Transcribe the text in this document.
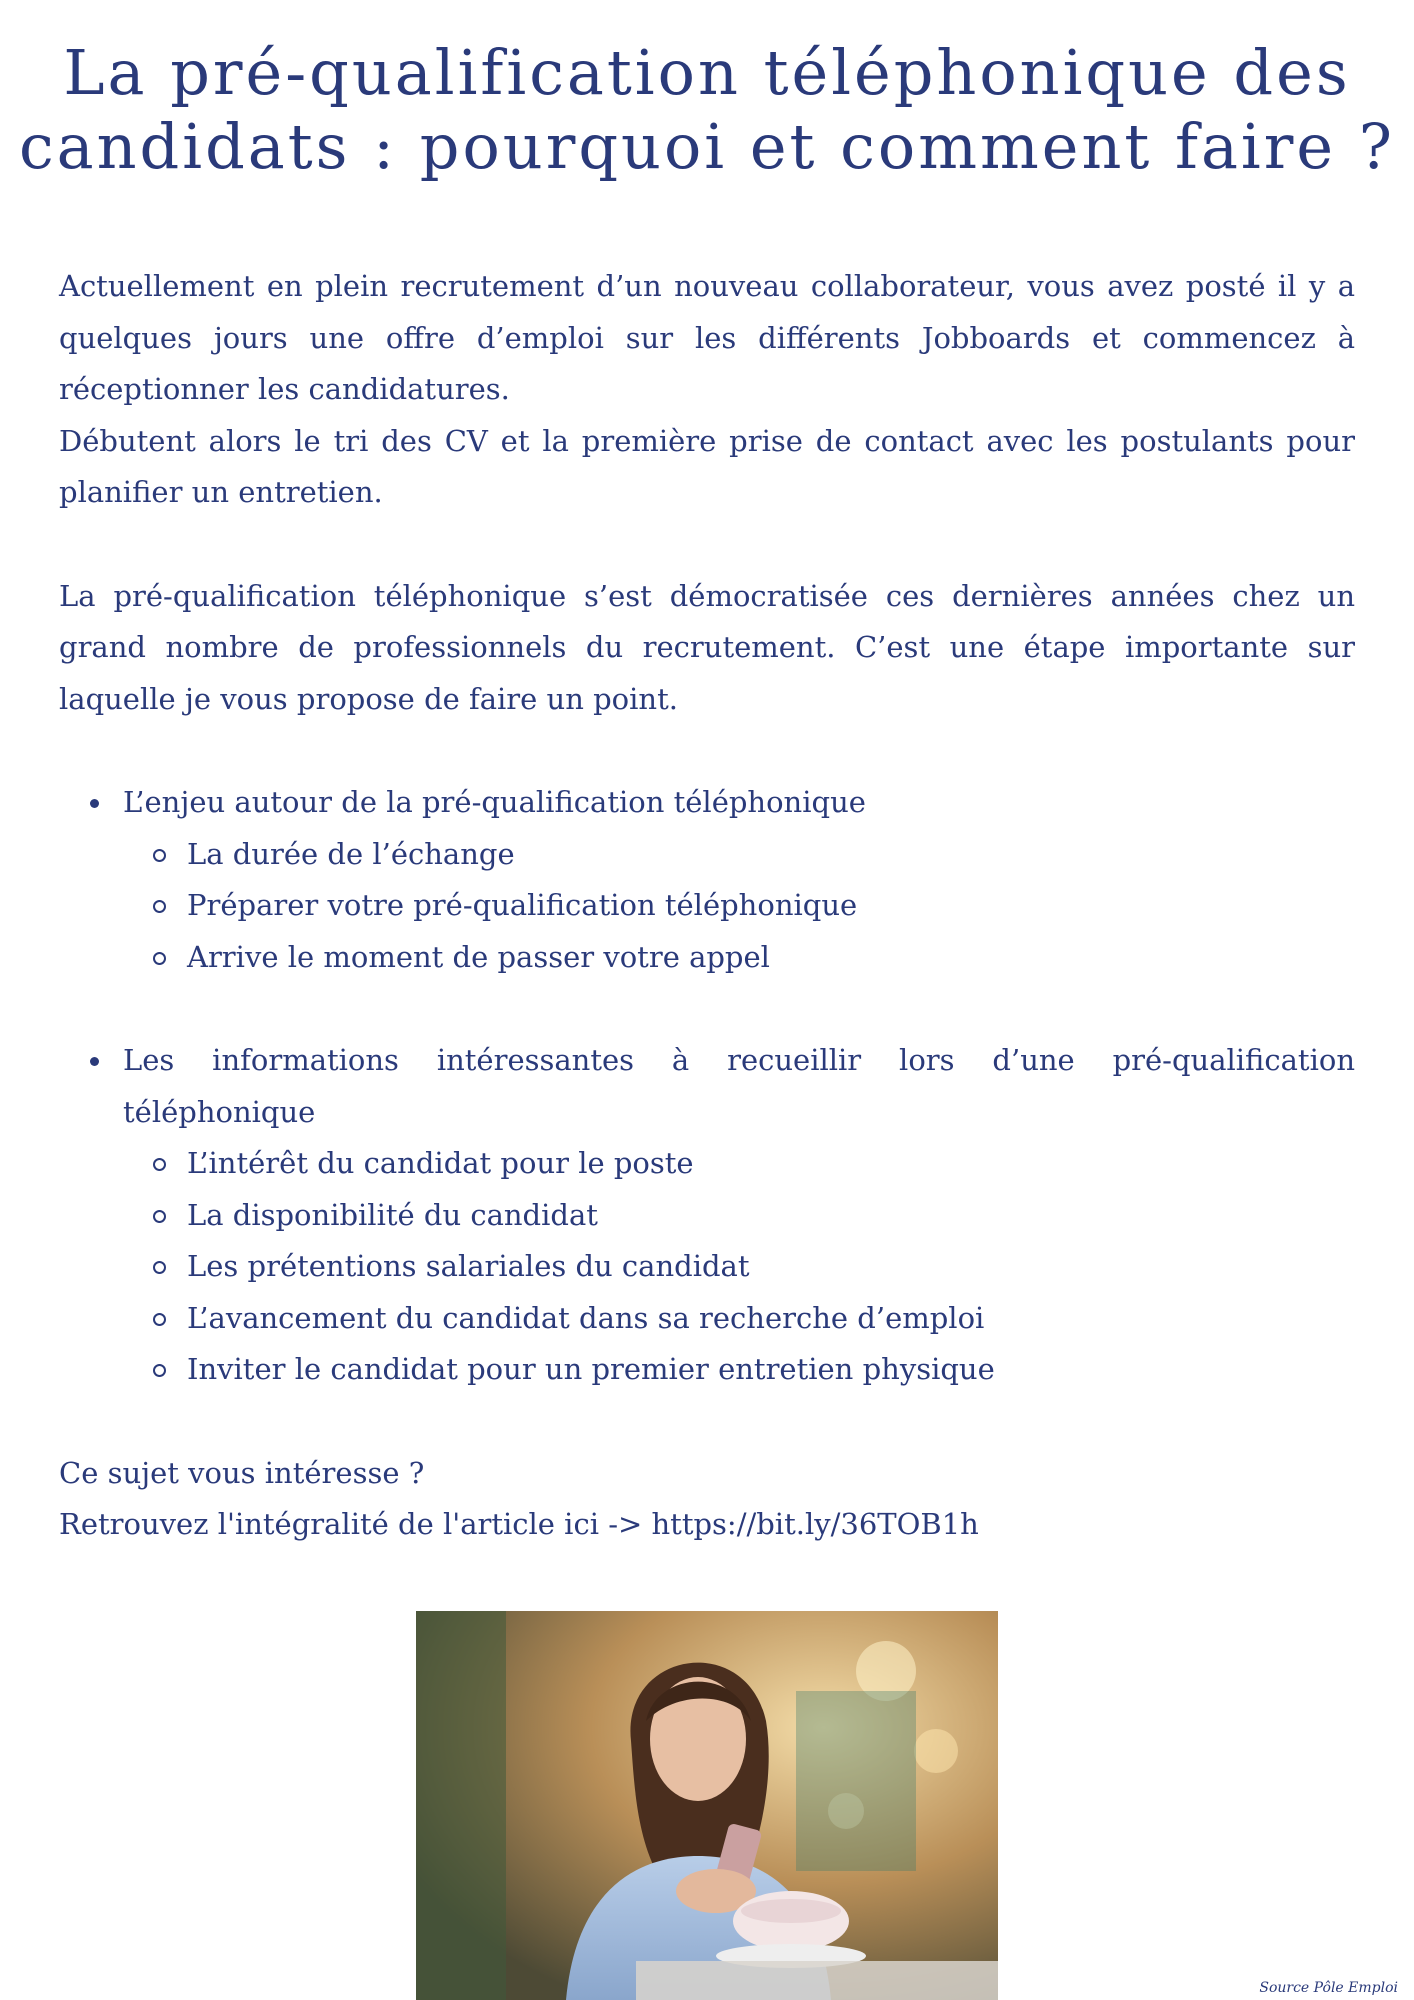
La pré-qualification téléphonique des
candidats : pourquoi et comment faire ?

Actuellement en plein recrutement d’un nouveau collaborateur, vous avez posté il y a quelques jours une offre d’emploi sur les différents Jobboards et commencez à réceptionner les candidatures.

Débutent alors le tri des CV et la première prise de contact avec les postulants pour planifier un entretien.

La pré-qualification téléphonique s’est démocratisée ces dernières années chez un grand nombre de professionnels du recrutement. C’est une étape importante sur laquelle je vous propose de faire un point.

L’enjeu autour de la pré-qualification téléphonique
La durée de l’échange
Préparer votre pré-qualification téléphonique
Arrive le moment de passer votre appel
Les informations intéressantes à recueillir lors d’une pré-qualification téléphonique
L’intérêt du candidat pour le poste
La disponibilité du candidat
Les prétentions salariales du candidat
L’avancement du candidat dans sa recherche d’emploi
Inviter le candidat pour un premier entretien physique

Ce sujet vous intéresse ?

Retrouvez l'intégralité de l'article ici -> https://bit.ly/36TOB1h

Source Pôle Emploi
